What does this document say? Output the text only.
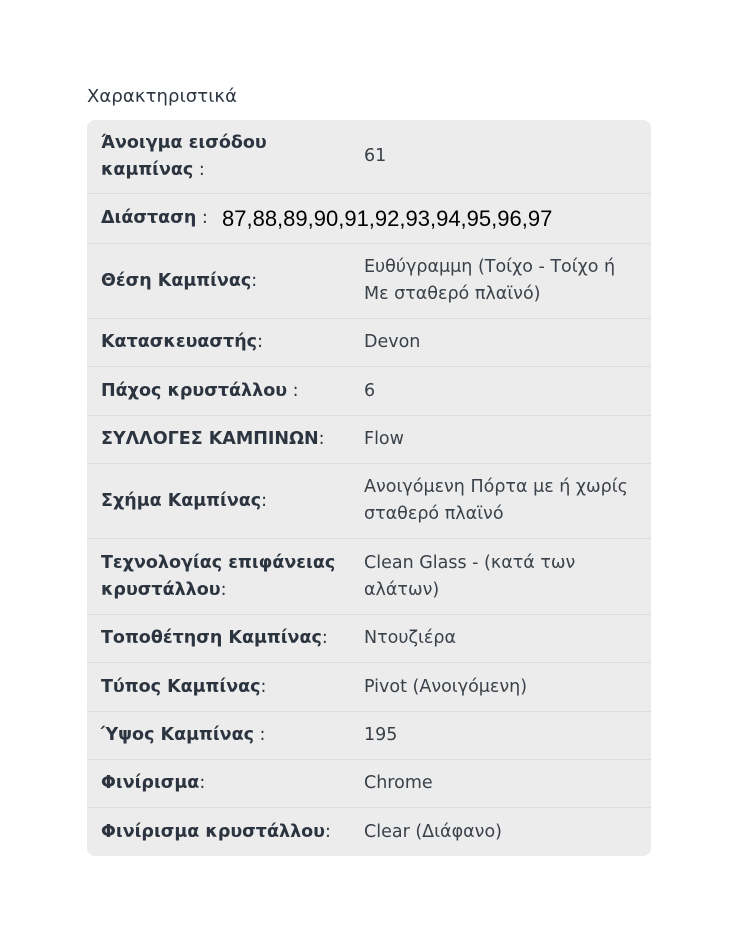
Χαρακτηριστικά
Άνοιγμα εισόδου καμπίνας :
61
Διάσταση : 87,88,89,90,91,92,93,94,95,96,97
Θέση Καμπίνας:
Ευθύγραμμη (Τοίχο - Τοίχο ή Με σταθερό πλαϊνό)
Κατασκευαστής:	Devon
Πάχος κρυστάλλου :	6
ΣΥΛΛΟΓΕΣ ΚΑΜΠΙΝΩΝ:	Flow
Σχήμα Καμπίνας:
Ανοιγόμενη Πόρτα με ή χωρίς σταθερό πλαϊνό
Τεχνολογίας επιφάνειας κρυστάλλου:
Clean Glass - (κατά των αλάτων)
Τοποθέτηση Καμπίνας:	Ντουζιέρα
Τύπος Καμπίνας:	Pivot (Ανοιγόμενη)
Ύψος Καμπίνας :	195
Φινίρισμα:	Chrome
Φινίρισμα κρυστάλλου:	Clear (Διάφανο)
